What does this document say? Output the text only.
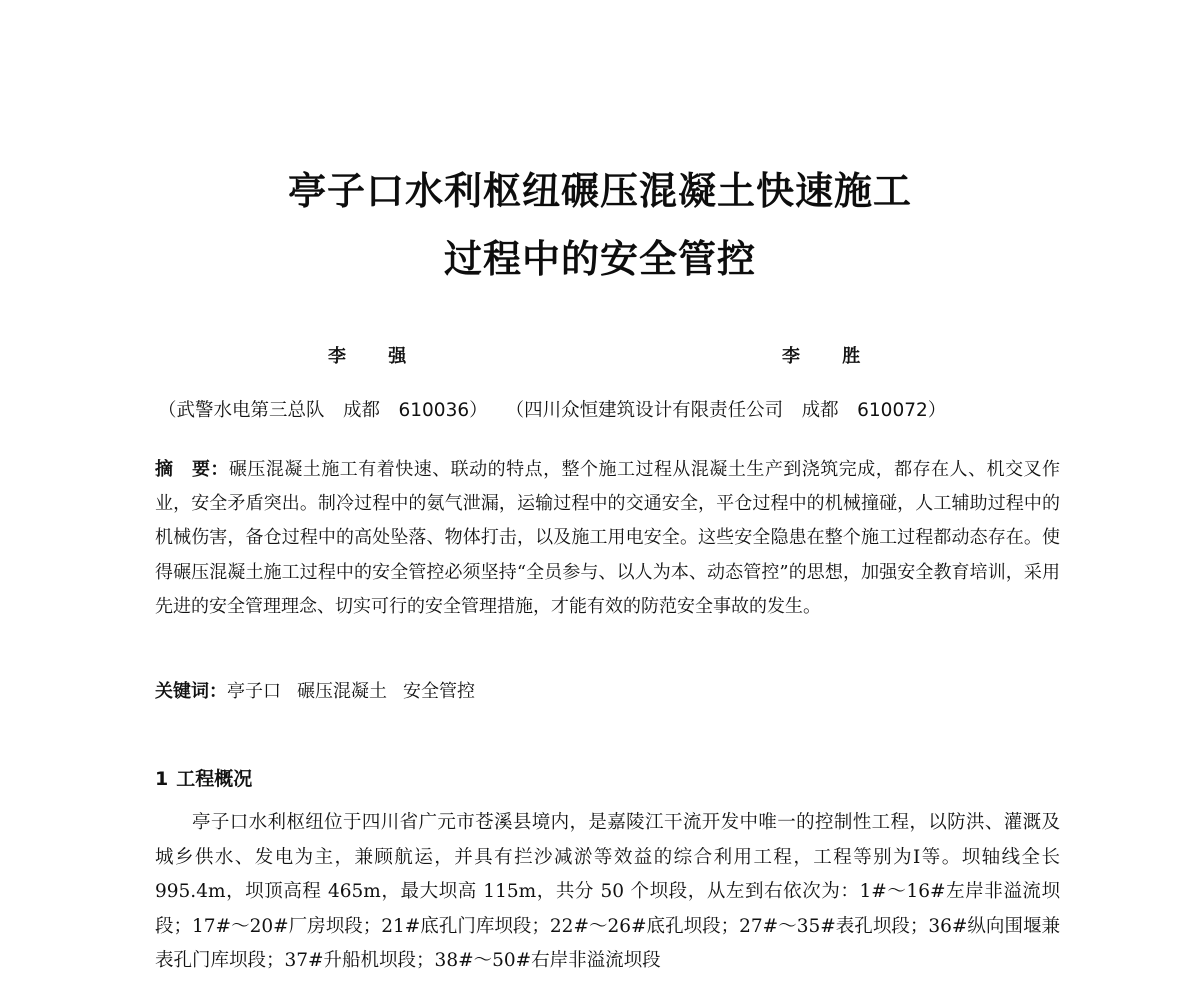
亭子口水利枢纽碾压混凝土快速施工
过程中的安全管控
李 强	李 胜
（武警水电第三总队　成都　610036） （四川众恒建筑设计有限责任公司　成都　610072）

摘　要：碾压混凝土施工有着快速、联动的特点，整个施工过程从混凝土生产到浇筑完成，都存在人、机交叉作业，安全矛盾突出。制冷过程中的氨气泄漏，运输过程中的交通安全，平仓过程中的机械撞碰，人工辅助过程中的机械伤害，备仓过程中的高处坠落、物体打击，以及施工用电安全。这些安全隐患在整个施工过程都动态存在。使得碾压混凝土施工过程中的安全管控必须坚持“全员参与、以人为本、动态管控”的思想，加强安全教育培训，采用先进的安全管理理念、切实可行的安全管理措施，才能有效的防范安全事故的发生。

关键词：亭子口 碾压混凝土 安全管控
1 工程概况

亭子口水利枢纽位于四川省广元市苍溪县境内，是嘉陵江干流开发中唯一的控制性工程，以防洪、灌溉及城乡供水、发电为主，兼顾航运，并具有拦沙减淤等效益的综合利用工程，工程等别为Ⅰ等。坝轴线全长 995.4m，坝顶高程 465m，最大坝高 115m，共分 50 个坝段，从左到右依次为：1#～16#左岸非溢流坝段；17#～20#厂房坝段；21#底孔门库坝段；22#～26#底孔坝段；27#～35#表孔坝段；36#纵向围堰兼表孔门库坝段；37#升船机坝段；38#～50#右岸非溢流坝段
